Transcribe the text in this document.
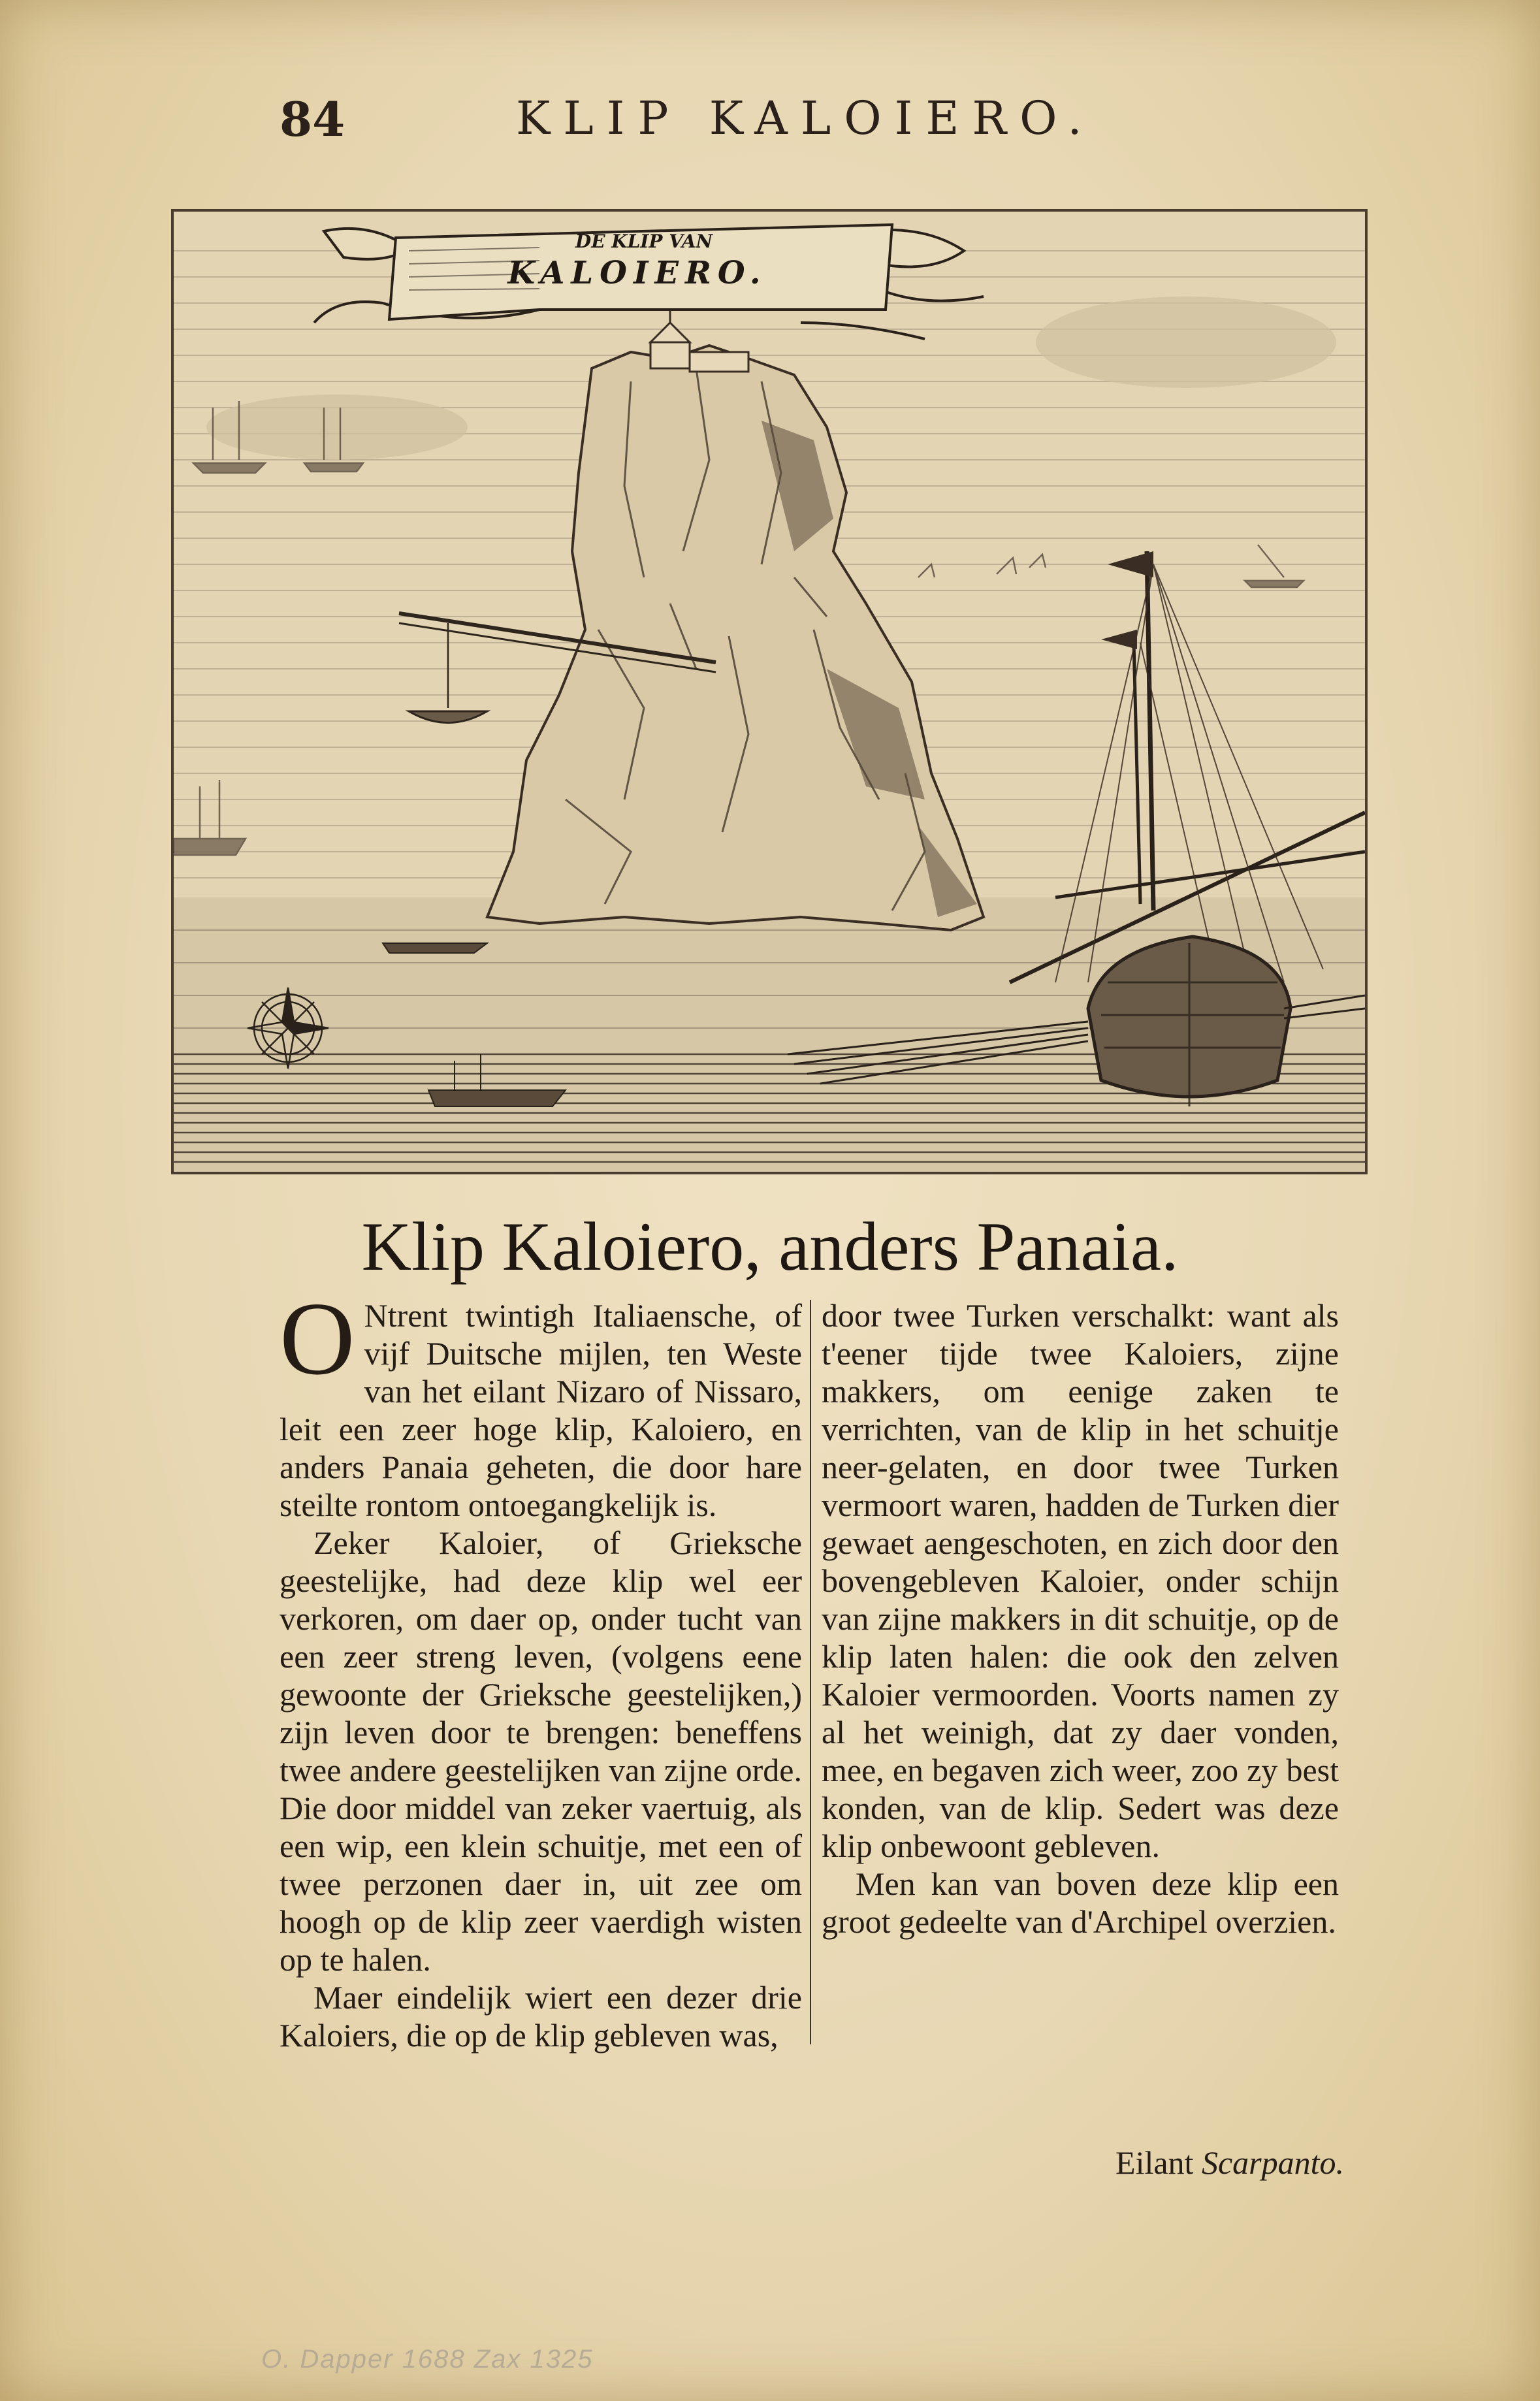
84	KLIP KALOIERO.
DE KLIP VAN
KALOIERO.
Klip Kaloiero, anders Panaia.

O Ntrent twintigh Italiaensche, of vijf Duitsche mijlen, ten Weste van het eilant Nizaro of Nissaro, leit een zeer hoge klip, Kaloiero, en anders Panaia geheten, die door hare steilte rontom ontoegangkelijk is.

Zeker Kaloier, of Grieksche geestelijke, had deze klip wel eer verkoren, om daer op, onder tucht van een zeer streng leven, (volgens eene gewoonte der Grieksche geestelijken,) zijn leven door te brengen: beneffens twee andere geestelijken van zijne orde. Die door middel van zeker vaertuig, als een wip, een klein schuitje, met een of twee perzonen daer in, uit zee om hoogh op de klip zeer vaerdigh wisten op te halen.

Maer eindelijk wiert een dezer drie Kaloiers, die op de klip gebleven was,

door twee Turken verschalkt: want als t'eener tijde twee Kaloiers, zijne makkers, om eenige zaken te verrichten, van de klip in het schuitje neer-gelaten, en door twee Turken vermoort waren, hadden de Turken dier gewaet aengeschoten, en zich door den bovengebleven Kaloier, onder schijn van zijne makkers in dit schuitje, op de klip laten halen: die ook den zelven Kaloier vermoorden. Voorts namen zy al het weinigh, dat zy daer vonden, mee, en begaven zich weer, zoo zy best konden, van de klip. Sedert was deze klip onbewoont gebleven.

Men kan van boven deze klip een groot gedeelte van d'Archipel overzien.

Eilant Scarpanto.
O. Dapper 1688 Zax 1325
